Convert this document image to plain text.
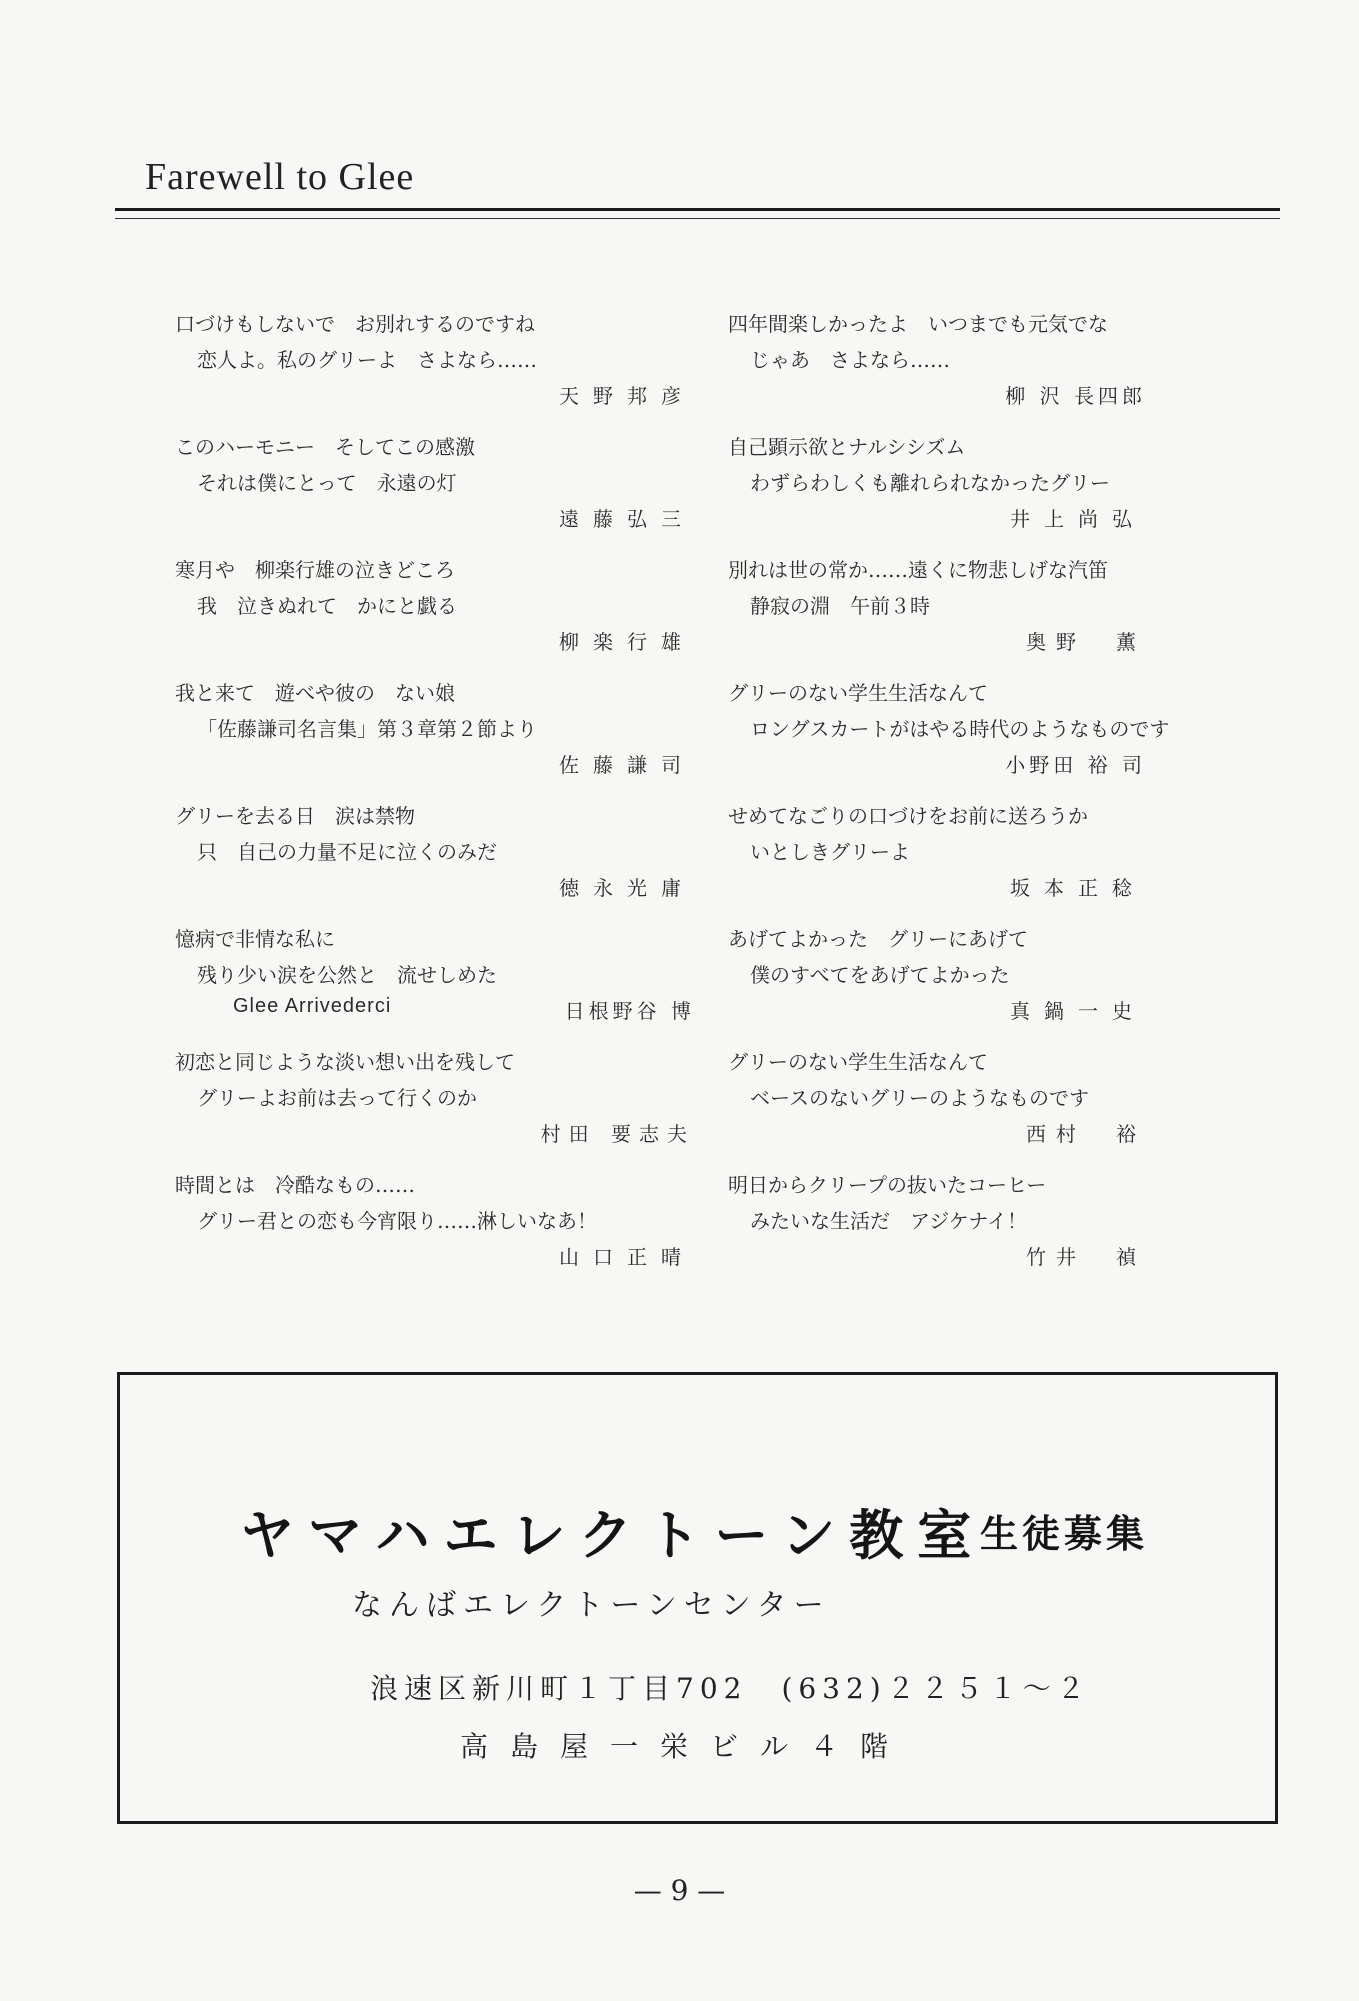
Farewell to Glee
口づけもしないで　お別れするのですね
恋人よ。私のグリーよ　さよなら……
天野邦彦
このハーモニー　そしてこの感激
それは僕にとって　永遠の灯
遠藤弘三
寒月や　柳楽行雄の泣きどころ
我　泣きぬれて　かにと戯る
柳楽行雄
我と来て　遊べや彼の　ない娘
「佐藤謙司名言集」第３章第２節より
佐藤謙司
グリーを去る日　涙は禁物
只　自己の力量不足に泣くのみだ
徳永光庸
憶病で非情な私に
残り少い涙を公然と　流せしめた
Glee Arrivederci	日根野谷 博
初恋と同じような淡い想い出を残して
グリーよお前は去って行くのか
村田 要志夫
時間とは　冷酷なもの……
グリー君との恋も今宵限り……淋しいなあ！
山口正晴
四年間楽しかったよ　いつまでも元気でな
じゃあ　さよなら……
柳 沢 長四郎
自己顕示欲とナルシシズム
わずらわしくも離れられなかったグリー
井上尚弘
別れは世の常か……遠くに物悲しげな汽笛
静寂の淵　午前３時
奥野　薫
グリーのない学生生活なんて
ロングスカートがはやる時代のようなものです
小野田 裕 司
せめてなごりの口づけをお前に送ろうか
いとしきグリーよ
坂本正稔
あげてよかった　グリーにあげて
僕のすべてをあげてよかった
真鍋一史
グリーのない学生生活なんて
ベースのないグリーのようなものです
西村　裕
明日からクリープの抜いたコーヒー
みたいな生活だ　アジケナイ！
竹井　禎
ヤマハエレクトーン教室
生徒募集
なんばエレクトーンセンター
浪速区新川町１丁目702　(632)２２５１〜２
高島屋一栄ビル４階
— 9 —
